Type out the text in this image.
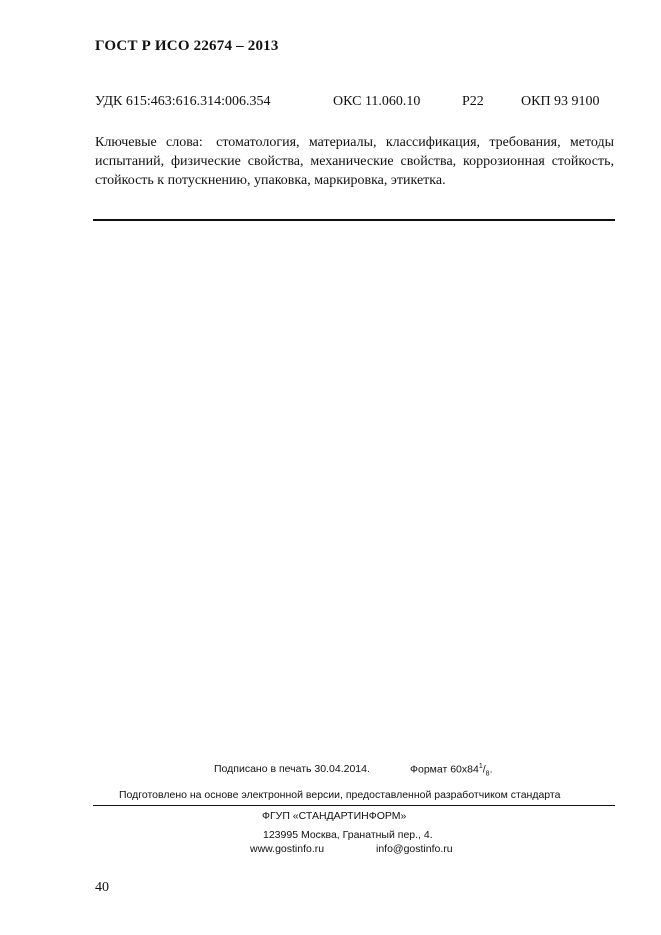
ГОСТ Р ИСО 22674 – 2013
УДК 615:463:616.314:006.354	ОКС 11.060.10	Р22	ОКП 93 9100
Ключевые слова: стоматология, материалы, классификация, требования, методы испытаний, физические свойства, механические свойства, коррозионная стойкость, стойкость к потускнению, упаковка, маркировка, этикетка.
Подписано в печать 30.04.2014.	Формат $60х84^1/_8$.
Подготовлено на основе электронной версии, предоставленной разработчиком стандарта
ФГУП «СТАНДАРТИНФОРМ»
123995 Москва, Гранатный пер., 4.
www.gostinfo.ru	info@gostinfo.ru
40
